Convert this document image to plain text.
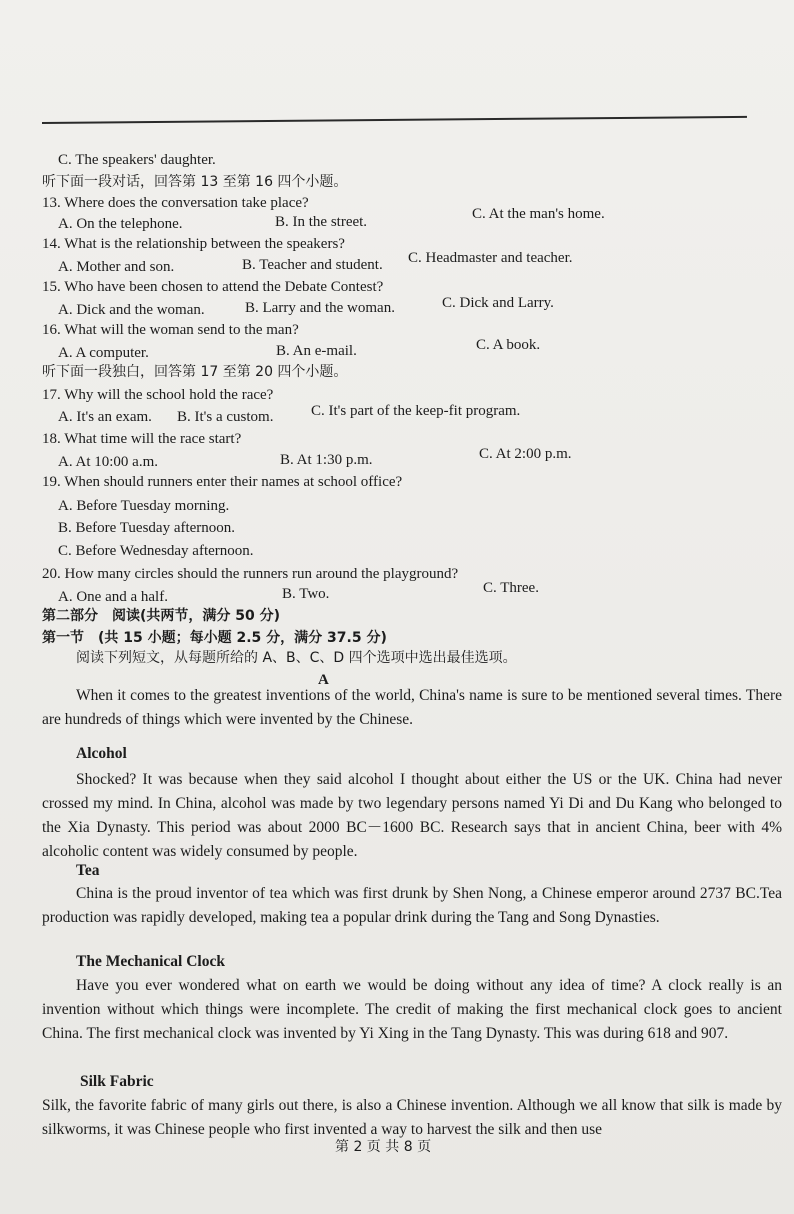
C. The speakers' daughter.
听下面一段对话，回答第 13 至第 16 四个小题。
13. Where does the conversation take place?
A. On the telephone.	B. In the street.	C. At the man's home.
14. What is the relationship between the speakers?
A. Mother and son.	B. Teacher and student. C. Headmaster and teacher.
15. Who have been chosen to attend the Debate Contest?
A. Dick and the woman.	B. Larry and the woman.	C. Dick and Larry.
16. What will the woman send to the man?
A. A computer.	B. An e-mail.	C. A book.
听下面一段独白，回答第 17 至第 20 四个小题。
17. Why will the school hold the race?
A. It's an exam. B. It's a custom.	C. It's part of the keep-fit program.
18. What time will the race start?
A. At 10:00 a.m.	B. At 1:30 p.m.	C. At 2:00 p.m.
19. When should runners enter their names at school office?
A. Before Tuesday morning.
B. Before Tuesday afternoon.
C. Before Wednesday afternoon.
20. How many circles should the runners run around the playground?
A. One and a half.	B. Two.	C. Three.
第二部分　阅读(共两节，满分 50 分)
第一节　(共 15 小题；每小题 2.5 分，满分 37.5 分)
阅读下列短文，从每题所给的 A、B、C、D 四个选项中选出最佳选项。
A
When it comes to the greatest inventions of the world, China's name is sure to be mentioned several times. There are hundreds of things which were invented by the Chinese.
Alcohol
Shocked? It was because when they said alcohol I thought about either the US or the UK. China had never crossed my mind. In China, alcohol was made by two legendary persons named Yi Di and Du Kang who belonged to the Xia Dynasty. This period was about 2000 BC－1600 BC. Research says that in ancient China, beer with 4% alcoholic content was widely consumed by people.
Tea
China is the proud inventor of tea which was first drunk by Shen Nong, a Chinese emperor around 2737 BC.Tea production was rapidly developed, making tea a popular drink during the Tang and Song Dynasties.
The Mechanical Clock
Have you ever wondered what on earth we would be doing without any idea of time? A clock really is an invention without which things were incomplete. The credit of making the first mechanical clock goes to ancient China. The first mechanical clock was invented by Yi Xing in the Tang Dynasty. This was during 618 and 907.
Silk Fabric
Silk, the favorite fabric of many girls out there, is also a Chinese invention. Although we all know that silk is made by silkworms, it was Chinese people who first invented a way to harvest the silk and then use
第 2 页 共 8 页
